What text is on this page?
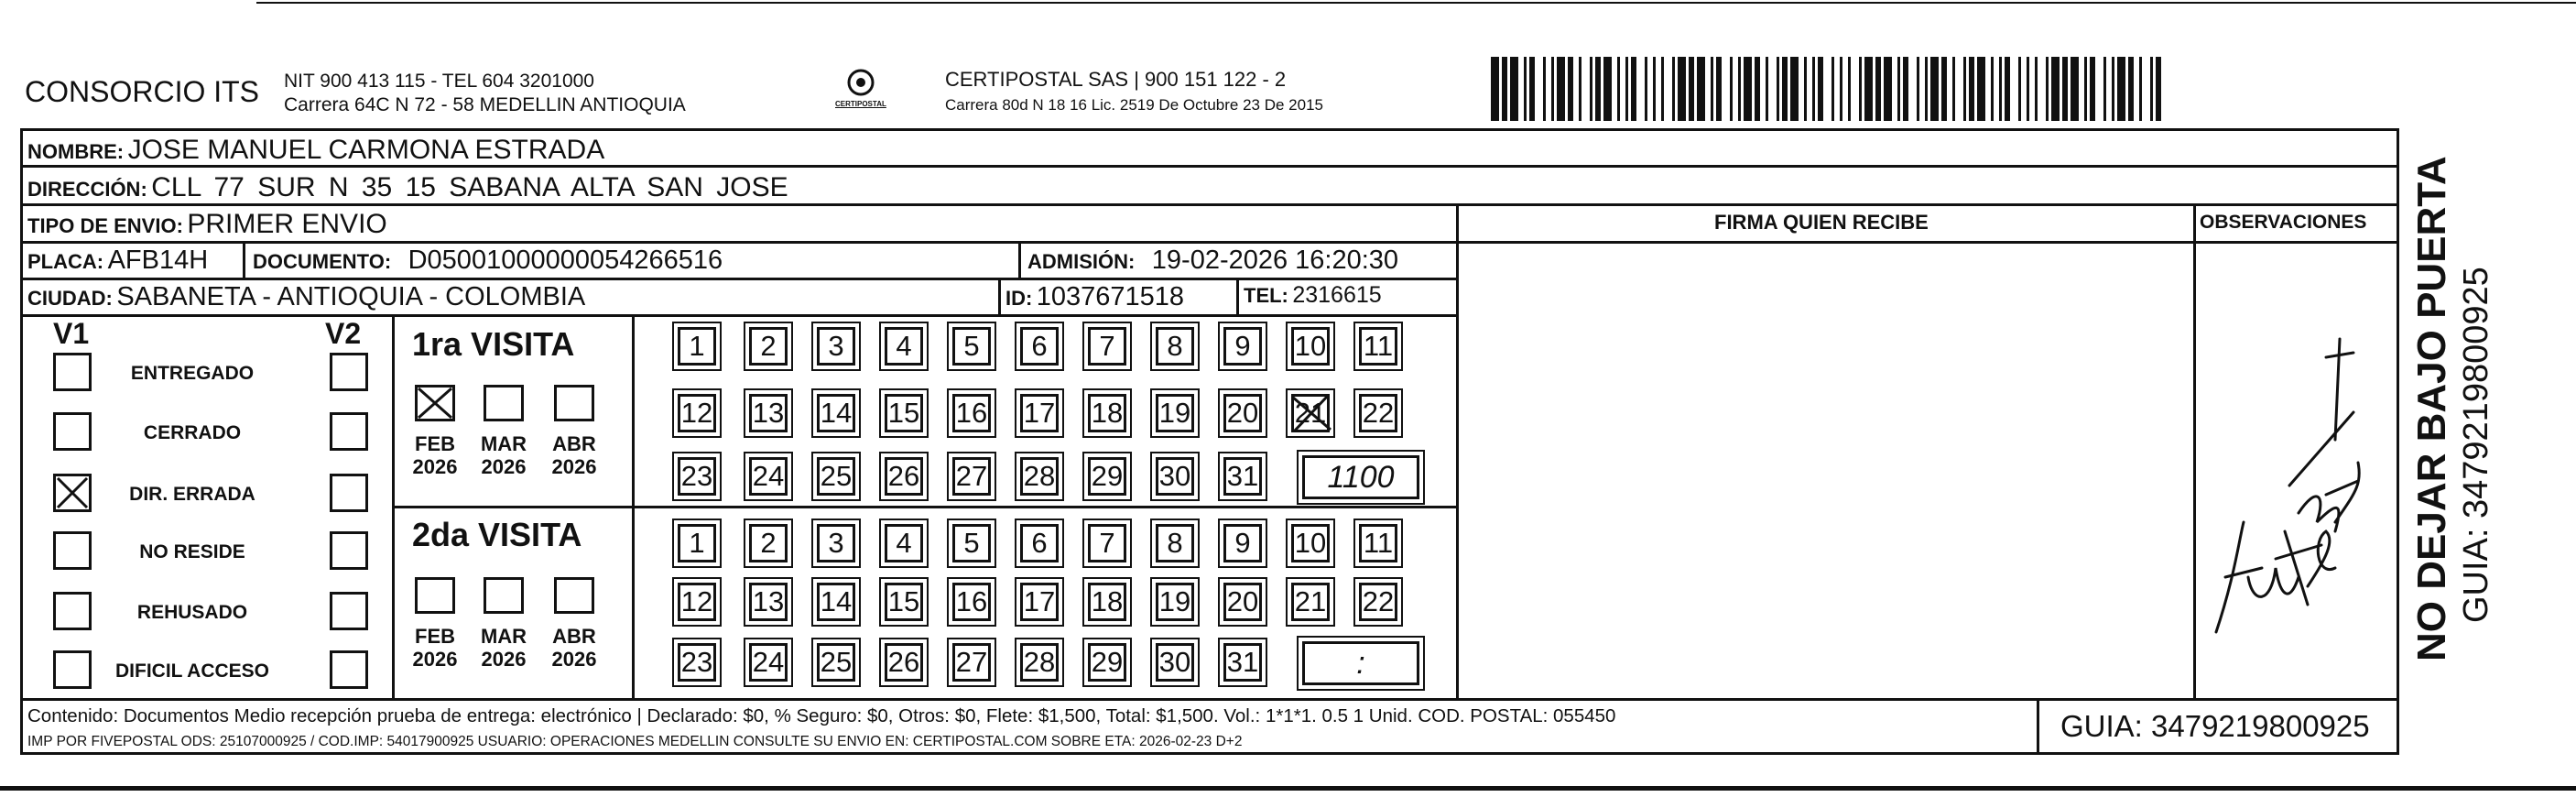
CONSORCIO ITS NIT 900 413 115 - TEL 604 3201000
Carrera 64C N 72 - 58 MEDELLIN ANTIOQUIA	CERTIPOSTAL
CERTIPOSTAL SAS | 900 151 122 - 2
Carrera 80d N 18 16 Lic. 2519 De Octubre 23 De 2015
NOMBRE: JOSE MANUEL CARMONA ESTRADA
DIRECCIÓN: CLL 77 SUR N 35 15 SABANA ALTA SAN JOSE
TIPO DE ENVIO: PRIMER ENVIO	FIRMA QUIEN RECIBE	OBSERVACIONES
PLACA: AFB14H DOCUMENTO: D05001000000054266516	ADMISIÓN: 19-02-2026 16:20:30
CIUDAD: SABANETA - ANTIOQUIA - COLOMBIA	ID: 1037671518	TEL: 2316615
V1	V2
ENTREGADO
CERRADO
DIR. ERRADA
NO RESIDE
REHUSADO
DIFICIL ACCESO
1ra VISITA
2da VISITA
FEB
2026
MAR
2026
ABR
2026
FEB
2026
MAR
2026
ABR
2026
1	2	3	4	5	6	7	8	9	10 11
12 13 14 15 16 17 18 19 20 21 22
23 24 25 26 27 28 29 30 31	1100
1	2	3	4	5	6	7	8	9	10 11
12 13 14 15 16 17 18 19 20 21 22
23 24 25 26 27 28 29 30 31	:
Contenido: Documentos Medio recepción prueba de entrega: electrónico | Declarado: $0, % Seguro: $0, Otros: $0, Flete: $1,500, Total: $1,500. Vol.: 1*1*1. 0.5 1 Unid. COD. POSTAL: 055450
IMP POR FIVEPOSTAL ODS: 25107000925 / COD.IMP: 54017900925 USUARIO: OPERACIONES MEDELLIN CONSULTE SU ENVIO EN: CERTIPOSTAL.COM SOBRE ETA: 2026-02-23 D+2	GUIA: 3479219800925
NO DEJAR BAJO PUERTA GUIA: 3479219800925
